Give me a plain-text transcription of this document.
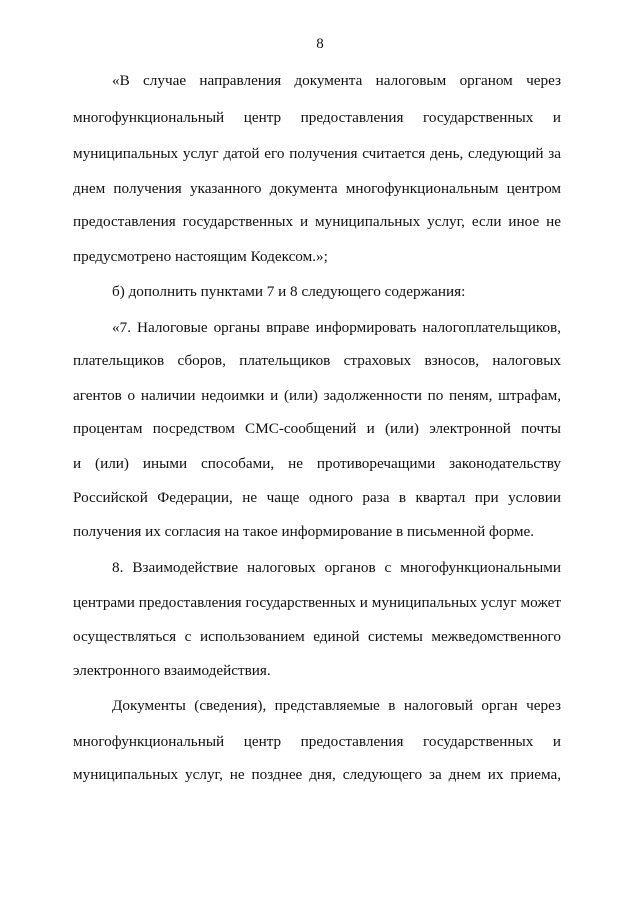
8
«В случае направления документа налоговым органом через
многофункциональный центр предоставления государственных и
муниципальных услуг датой его получения считается день, следующий за
днем получения указанного документа многофункциональным центром
предоставления государственных и муниципальных услуг, если иное не
предусмотрено настоящим Кодексом.»;
б) дополнить пунктами 7 и 8 следующего содержания:
«7. Налоговые органы вправе информировать налогоплательщиков,
плательщиков сборов, плательщиков страховых взносов, налоговых
агентов о наличии недоимки и (или) задолженности по пеням, штрафам,
процентам посредством СМС-сообщений и (или) электронной почты
и (или) иными способами, не противоречащими законодательству
Российской Федерации, не чаще одного раза в квартал при условии
получения их согласия на такое информирование в письменной форме.
8. Взаимодействие налоговых органов с многофункциональными
центрами предоставления государственных и муниципальных услуг может
осуществляться с использованием единой системы межведомственного
электронного взаимодействия.
Документы (сведения), представляемые в налоговый орган через
многофункциональный центр предоставления государственных и
муниципальных услуг, не позднее дня, следующего за днем их приема,
